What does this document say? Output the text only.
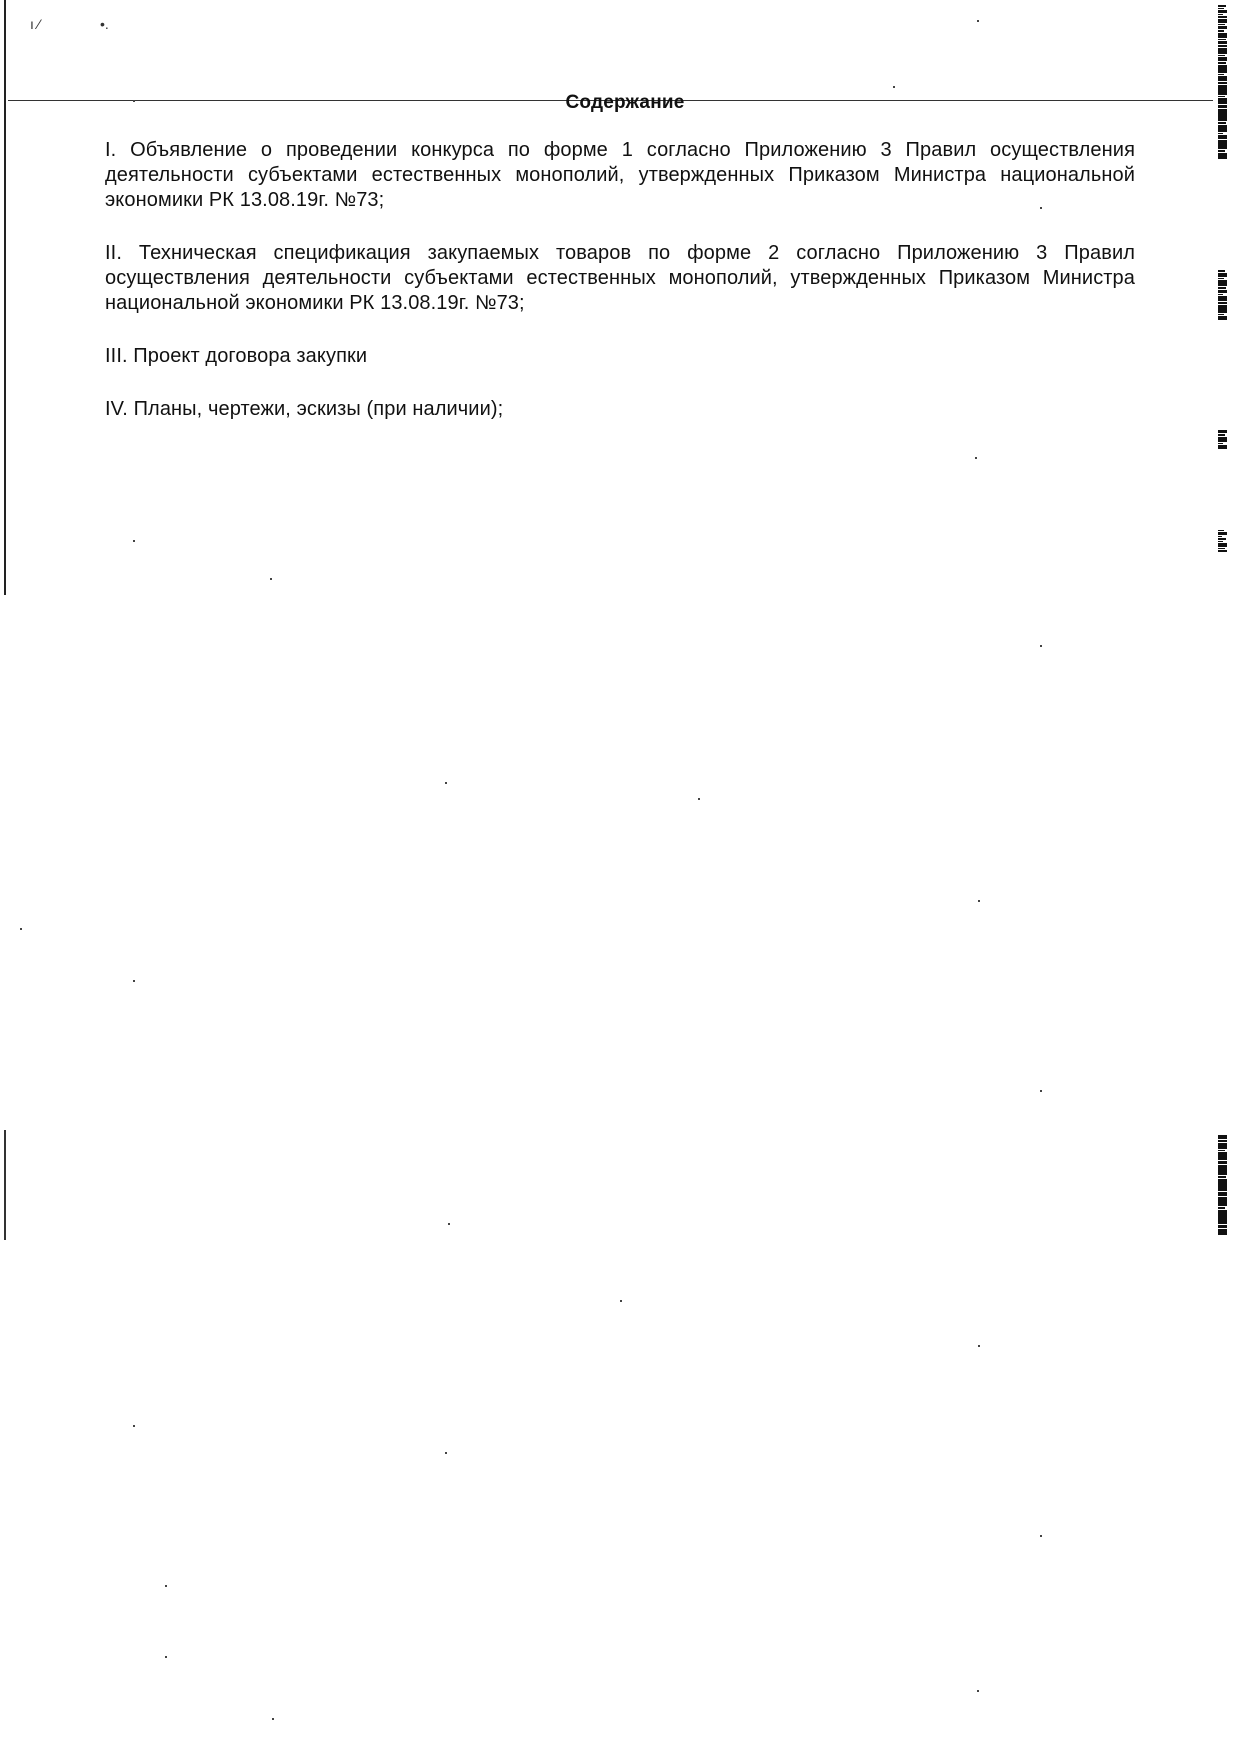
ı ⁄	•.
Содержание

I. Объявление о проведении конкурса по форме 1 согласно Приложению 3 Правил осуществления деятельности субъектами естественных монополий, утвержденных Приказом Министра национальной экономики РК 13.08.19г. №73;

II. Техническая спецификация закупаемых товаров по форме 2 согласно Приложению 3 Правил осуществления деятельности субъектами естественных монополий, утвержденных Приказом Министра национальной экономики РК 13.08.19г. №73;

III. Проект договора закупки

IV. Планы, чертежи, эскизы (при наличии);
